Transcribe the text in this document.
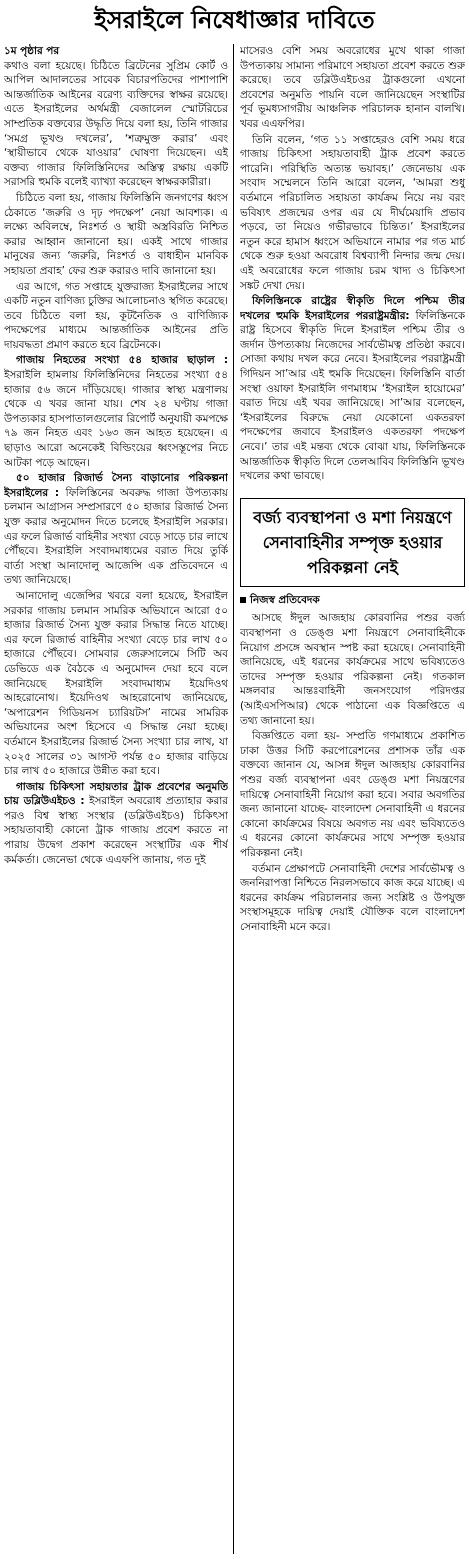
ইসরাইলে নিষেধাজ্ঞার দাবিতে

১ম পৃষ্ঠার পর
কথাও বলা হয়েছে। চিঠিতে ব্রিটেনের সুপ্রিম কোর্ট ও আপিল আদালতের সাবেক বিচারপতিদের পাশাপাশি আন্তর্জাতিক আইনের বরেণ্য ব্যক্তিদের স্বাক্ষর রয়েছে। এতে ইসরাইলের অর্থমন্ত্রী বেজালেল স্মোটরিচের সাম্প্রতিক বক্তব্যের উদ্ধৃতি দিয়ে বলা হয়, তিনি গাজার ‘সমগ্র ভূখণ্ড দখলের’, ‘শত্রুমুক্ত করার’ এবং ‘স্থায়ীভাবে থেকে যাওয়ার’ ঘোষণা দিয়েছেন। এই বক্তব্য গাজার ফিলিস্তিনিদের অস্তিত্ব রক্ষায় একটি সরাসরি হুমকি বলেই ব্যাখ্যা করেছেন স্বাক্ষরকারীরা।

চিঠিতে বলা হয়, গাজায় ফিলিস্তিনি জনগণের ধ্বংস ঠেকাতে ‘জরুরি ও দৃঢ় পদক্ষেপ’ নেয়া আবশ্যক। এ লক্ষ্যে অবিলম্বে, নিঃশর্ত ও স্থায়ী অস্ত্রবিরতি নিশ্চিত করার আহ্বান জানানো হয়। একই সাথে গাজার মানুষের জন্য ‘জরুরি, নিঃশর্ত ও বাধাহীন মানবিক সহায়তা প্রবাহ’ ফের শুরু করারও দাবি জানানো হয়।

এর আগে, গত সপ্তাহে যুক্তরাজ্য ইসরাইলের সাথে একটি নতুন বাণিজ্য চুক্তির আলোচনাও স্থগিত করেছে। তবে চিঠিতে বলা হয়, কূটনৈতিক ও বাণিজ্যিক পদক্ষেপের মাধ্যমে আন্তর্জাতিক আইনের প্রতি দায়বদ্ধতা প্রমাণ করতে হবে ব্রিটেনকে।

গাজায় নিহতের সংখ্যা ৫৪ হাজার ছাড়াল : ইসরাইলি হামলায় ফিলিস্তিনিদের নিহতের সংখ্যা ৫৪ হাজার ৫৬ জনে দাঁড়িয়েছে। গাজার স্বাস্থ্য মন্ত্রণালয় থেকে এ খবর জানা যায়। শেষ ২৪ ঘণ্টায় গাজা উপত্যকার হাসপাতালগুলোর রিপোর্ট অনুযায়ী কমপক্ষে ৭৯ জন নিহত এবং ১৬৩ জন আহত হয়েছেন। এ ছাড়াও আরো অনেকেই বিল্ডিংয়ের ধ্বংসস্তূপের নিচে আটকা পড়ে আছেন।

৫০ হাজার রিজার্ভ সৈন্য বাড়ানোর পরিকল্পনা ইসরাইলের : ফিলিস্তিনের অবরুদ্ধ গাজা উপত্যকায় চলমান আগ্রাসন সম্প্রসারণে ৫০ হাজার রিজার্ভ সৈন্য যুক্ত করার অনুমোদন দিতে চলেছে ইসরাইলি সরকার। এর ফলে রিজার্ভ বাহিনীর সংখ্যা বেড়ে সাড়ে চার লাখে পৌঁছবে। ইসরাইলি সংবাদমাধ্যমের বরাত দিয়ে তুর্কি বার্তা সংস্থা আনাদোলু আজেন্সি এক প্রতিবেদনে এ তথ্য জানিয়েছে।

আনাদোলু এজেন্সির খবরে বলা হয়েছে, ইসরাইল সরকার গাজায় চলমান সামরিক অভিযানে আরো ৫০ হাজার রিজার্ভ সৈন্য যুক্ত করার সিদ্ধান্ত নিতে যাচ্ছে। এর ফলে রিজার্ভ বাহিনীর সংখ্যা বেড়ে চার লাখ ৫০ হাজারে পৌঁছবে। সোমবার জেরুসালেমে সিটি অব ডেভিডে এক বৈঠকে এ অনুমোদন দেয়া হবে বলে জানিয়েছে ইসরাইলি সংবাদমাধ্যম ইয়েদিওথ আহরোনোথ। ইয়েদিওথ আহরোনোথ জানিয়েছে, ‘অপারেশন গিডিয়নস চ্যারিয়টস’ নামের সামরিক অভিযানের অংশ হিসেবে এ সিদ্ধান্ত নেয়া হচ্ছে। বর্তমানে ইসরাইলের রিজার্ভ সৈন্য সংখ্যা চার লাখ, যা ২০২৫ সালের ৩১ আগস্ট পর্যন্ত ৫০ হাজার বাড়িয়ে চার লাখ ৫০ হাজারে উন্নীত করা হবে।

গাজায় চিকিৎসা সহায়তার ট্রাক প্রবেশের অনুমতি চায় ডব্লিউএইচও : ইসরাইল অবরোধ প্রত্যাহার করার পরও বিশ্ব স্বাস্থ্য সংস্থার (ডব্লিউএইচও) চিকিৎসা সহায়তাবাহী কোনো ট্রাক গাজায় প্রবেশ করতে না পারায় উদ্বেগ প্রকাশ করেছেন সংস্থাটির এক শীর্ষ কর্মকর্তা। জেনেভা থেকে এএফপি জানায়, গত দুই

মাসেরও বেশি সময় অবরোধের মুখে থাকা গাজা উপত্যকায় সামান্য পরিমাণে সহায়তা প্রবেশ করতে শুরু করেছে। তবে ডব্লিউএইচওর ট্রাকগুলো এখনো প্রবেশের অনুমতি পায়নি বলে জানিয়েছেন সংস্থাটির পূর্ব ভূমধ্যসাগরীয় আঞ্চলিক পরিচালক হানান বালখি। খবর এএফপির।

তিনি বলেন, ‘গত ১১ সপ্তাহেরও বেশি সময় ধরে গাজায় চিকিৎসা সহায়তাবাহী ট্রাক প্রবেশ করতে পারেনি। পরিস্থিতি অত্যন্ত ভয়াবহ।’ জেনেভায় এক সংবাদ সম্মেলনে তিনি আরো বলেন, ‘আমরা শুধু বর্তমানে পরিচালিত সহায়তা কার্যক্রম নিয়ে নয় বরং ভবিষ্যৎ প্রজন্মের ওপর এর যে দীর্ঘমেয়াদি প্রভাব পড়বে, তা নিয়েও গভীরভাবে চিন্তিত।’ ইসরাইলের নতুন করে হামাস ধ্বংসে অভিযানে নামার পর গত মার্চ থেকে শুরু হওয়া অবরোধ বিশ্বব্যাপী নিন্দার জন্ম দেয়। এই অবরোধের ফলে গাজায় চরম খাদ্য ও চিকিৎসা সঙ্কট দেখা দেয়।

ফিলিস্তিনকে রাষ্ট্রের স্বীকৃতি দিলে পশ্চিম তীর দখলের হুমকি ইসরাইলের পররাষ্ট্রমন্ত্রীর: ফিলিস্তিনকে রাষ্ট্র হিসেবে স্বীকৃতি দিলে ইসরাইল পশ্চিম তীর ও জর্দান উপত্যকায় নিজেদের সার্বভৌমত্ব প্রতিষ্ঠা করবে। সোজা কথায় দখল করে নেবে। ইসরাইলের পররাষ্ট্রমন্ত্রী গিদিয়ন সা’আর এই হুমকি দিয়েছেন। ফিলিস্তিনি বার্তা সংস্থা ওয়াফা ইসরাইলি গণমাধ্যম ‘ইসরাইল হায়োমের’ বরাত দিয়ে এই খবর জানিয়েছে। সা’আর বলেছেন, ‘ইসরাইলের বিরুদ্ধে নেয়া যেকোনো একতরফা পদক্ষেপের জবাবে ইসরাইলও একতরফা পদক্ষেপ নেবে।’ তার এই মন্তব্য থেকে বোঝা যায়, ফিলিস্তিনকে আন্তর্জাতিক স্বীকৃতি দিলে তেলআবিব ফিলিস্তিনি ভূখণ্ড দখলের কথা ভাবছে।

বর্জ্য ব্যবস্থাপনা ও মশা নিয়ন্ত্রণে সেনাবাহিনীর সম্পৃক্ত হওয়ার পরিকল্পনা নেই
নিজস্ব প্রতিবেদক

আসছে ঈদুল আজহায় কোরবানির পশুর বর্জ্য ব্যবস্থাপনা ও ডেঙ্গু মশা নিয়ন্ত্রণে সেনাবাহিনীকে নিয়োগ প্রসঙ্গে অবস্থান স্পষ্ট করা হয়েছে। সেনাবাহিনী জানিয়েছে, এই ধরনের কার্যক্রমের সাথে ভবিষ্যতেও তাদের সম্পৃক্ত হওয়ার পরিকল্পনা নেই। গতকাল মঙ্গলবার আন্তঃবাহিনী জনসংযোগ পরিদপ্তর (আইএসপিআর) থেকে পাঠানো এক বিজ্ঞপ্তিতে এ তথ্য জানানো হয়।

বিজ্ঞপ্তিতে বলা হয়- সম্প্রতি গণমাধ্যমে প্রকাশিত ঢাকা উত্তর সিটি করপোরেশনের প্রশাসক তাঁর এক বক্তব্যে জানান যে, আসন্ন ঈদুল আজহায় কোরবানির পশুর বর্জ্য ব্যবস্থাপনা এবং ডেঙ্গু মশা নিয়ন্ত্রণের দায়িত্বে সেনাবাহিনী নিয়োগ করা হবে। সবার অবগতির জন্য জানানো যাচ্ছে- বাংলাদেশ সেনাবাহিনী এ ধরনের কোনো কার্যক্রমের বিষয়ে অবগত নয় এবং ভবিষ্যতেও এ ধরনের কোনো কার্যক্রমের সাথে সম্পৃক্ত হওয়ার পরিকল্পনা নেই।

বর্তমান প্রেক্ষাপটে সেনাবাহিনী দেশের সার্বভৌমত্ব ও জননিরাপত্তা নিশ্চিতে নিরলসভাবে কাজ করে যাচ্ছে। এ ধরনের কার্যক্রম পরিচালনার জন্য সংশ্লিষ্ট ও উপযুক্ত সংস্থাসমূহকে দায়িত্ব দেয়াই যৌক্তিক বলে বাংলাদেশ সেনাবাহিনী মনে করে।
